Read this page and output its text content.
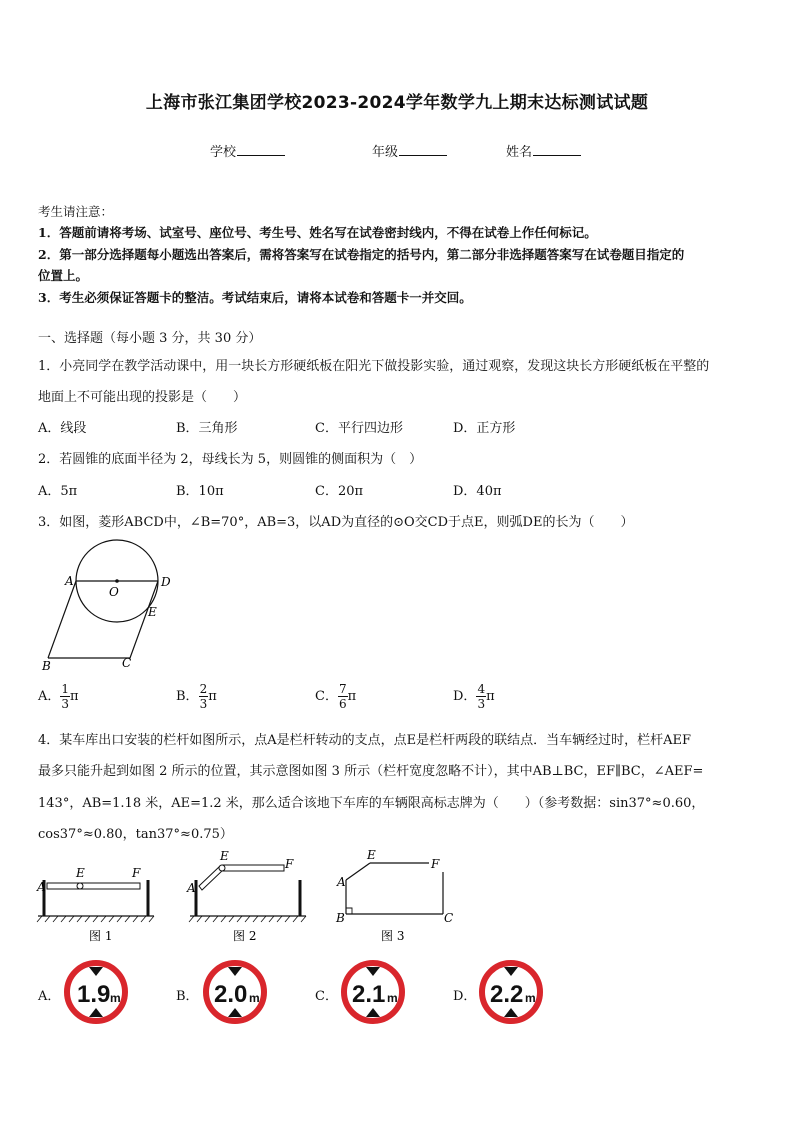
上海市张江集团学校2023-2024学年数学九上期末达标测试试题
学校	年级	姓名
考生请注意：
1．答题前请将考场、试室号、座位号、考生号、姓名写在试卷密封线内，不得在试卷上作任何标记。
2．第一部分选择题每小题选出答案后，需将答案写在试卷指定的括号内，第二部分非选择题答案写在试卷题目指定的
位置上。
3．考生必须保证答题卡的整洁。考试结束后，请将本试卷和答题卡一并交回。
一、选择题（每小题 3 分，共 30 分）
1．小亮同学在教学活动课中，用一块长方形硬纸板在阳光下做投影实验，通过观察，发现这块长方形硬纸板在平整的
地面上不可能出现的投影是（　　）
A．线段	B．三角形	C．平行四边形	D．正方形
2．若圆锥的底面半径为 2，母线长为 5，则圆锥的侧面积为（　）
A．5π	B．10π	C．20π	D．40π
3．如图，菱形ABCD中，∠B=70°，AB=3，以AD为直径的⊙O交CD于点E，则弧DE的长为（　　）
A	D
O
E
B	C
A． $\frac{1}{3}$ π	B． $\frac{2}{3}$ π	C． $\frac{7}{6}$ π	D． $\frac{4}{3}$ π
4．某车库出口安装的栏杆如图所示，点A是栏杆转动的支点，点E是栏杆两段的联结点．当车辆经过时，栏杆AEF
最多只能升起到如图 2 所示的位置，其示意图如图 3 所示（栏杆宽度忽略不计），其中AB⊥BC，EF∥BC，∠AEF=
143°，AB=1.18 米，AE=1.2 米，那么适合该地下车库的车辆限高标志牌为（　　）（参考数据：sin37°≈0.60，
cos37°≈0.80，tan37°≈0.75）
A
E	F
图 1
A
E
F
图 2
A
E
F
B	C
图 3
A．	B．	C．	D．
1.9 m	2.0 m	2.1 m	2.2 m
